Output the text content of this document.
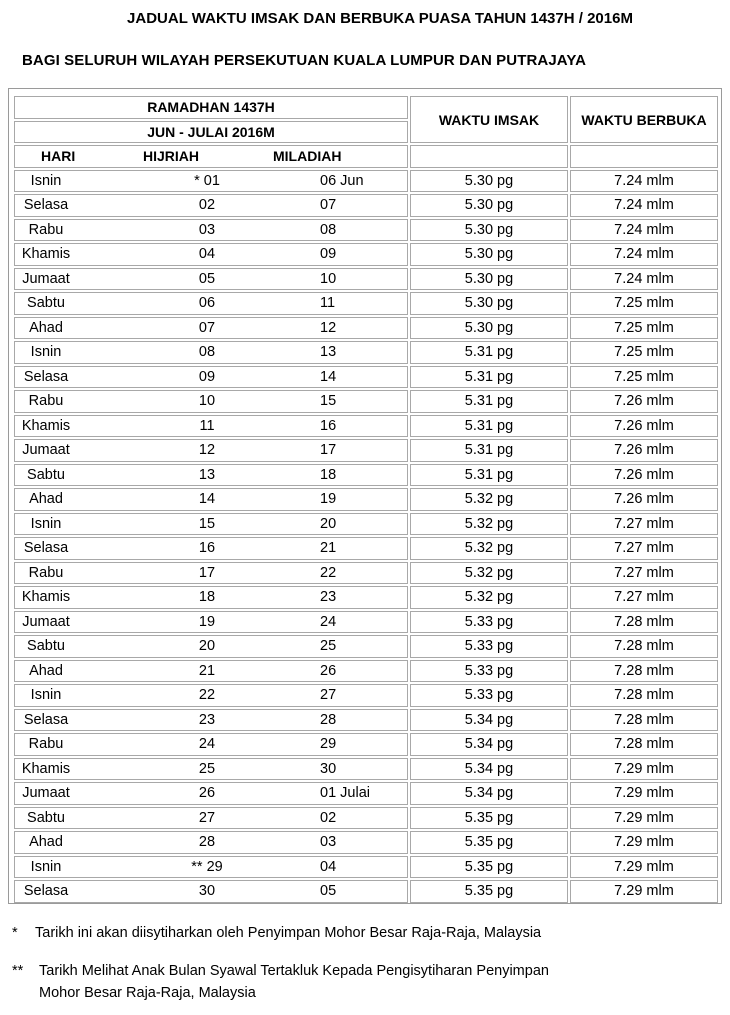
JADUAL WAKTU IMSAK DAN BERBUKA PUASA TAHUN 1437H / 2016M
BAGI SELURUH WILAYAH PERSEKUTUAN KUALA LUMPUR DAN PUTRAJAYA
RAMADHAN 1437H	WAKTU IMSAK	WAKTU BERBUKA
JUN - JULAI 2016M		
HARI HIJRIAH MILADIAH		
Isnin * 01 06 Jun	5.30 pg	7.24 mlm
Selasa 02 07	5.30 pg	7.24 mlm
Rabu 03 08	5.30 pg	7.24 mlm
Khamis 04 09	5.30 pg	7.24 mlm
Jumaat 05 10	5.30 pg	7.24 mlm
Sabtu 06 11	5.30 pg	7.25 mlm
Ahad 07 12	5.30 pg	7.25 mlm
Isnin 08 13	5.31 pg	7.25 mlm
Selasa 09 14	5.31 pg	7.25 mlm
Rabu 10 15	5.31 pg	7.26 mlm
Khamis 11 16	5.31 pg	7.26 mlm
Jumaat 12 17	5.31 pg	7.26 mlm
Sabtu 13 18	5.31 pg	7.26 mlm
Ahad 14 19	5.32 pg	7.26 mlm
Isnin 15 20	5.32 pg	7.27 mlm
Selasa 16 21	5.32 pg	7.27 mlm
Rabu 17 22	5.32 pg	7.27 mlm
Khamis 18 23	5.32 pg	7.27 mlm
Jumaat 19 24	5.33 pg	7.28 mlm
Sabtu 20 25	5.33 pg	7.28 mlm
Ahad 21 26	5.33 pg	7.28 mlm
Isnin 22 27	5.33 pg	7.28 mlm
Selasa 23 28	5.34 pg	7.28 mlm
Rabu 24 29	5.34 pg	7.28 mlm
Khamis 25 30	5.34 pg	7.29 mlm
Jumaat 26 01 Julai	5.34 pg	7.29 mlm
Sabtu 27 02	5.35 pg	7.29 mlm
Ahad 28 03	5.35 pg	7.29 mlm
Isnin ** 29 04	5.35 pg	7.29 mlm
Selasa 30 05	5.35 pg	7.29 mlm
* Tarikh ini akan diisytiharkan oleh Penyimpan Mohor Besar Raja-Raja, Malaysia
** Tarikh Melihat Anak Bulan Syawal Tertakluk Kepada Pengisytiharan Penyimpan
Mohor Besar Raja-Raja, Malaysia
